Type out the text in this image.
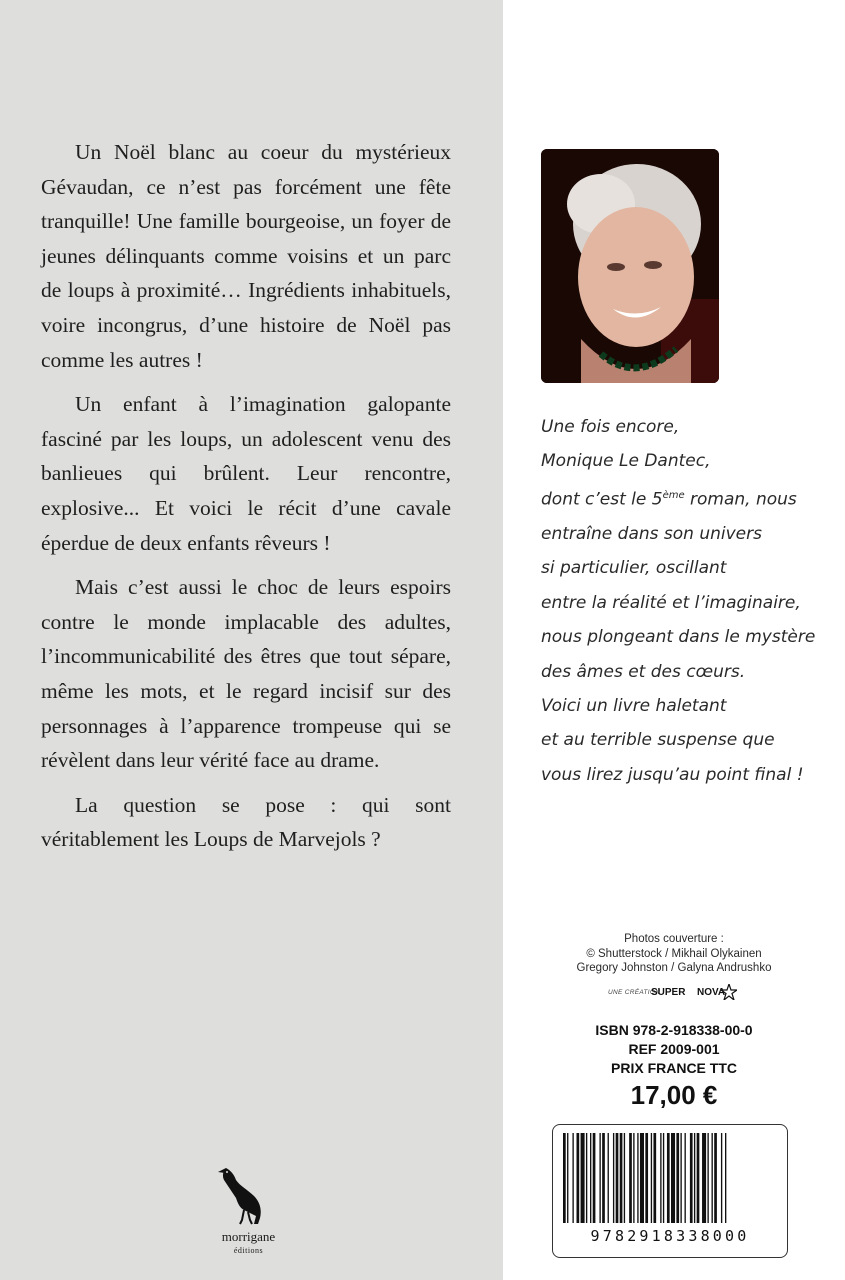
Un Noël blanc au coeur du mystérieux Gévaudan, ce n’est pas forcément une fête tranquille! Une famille bourgeoise, un foyer de jeunes délinquants comme voisins et un parc de loups à proximité… Ingrédients inhabituels, voire incongrus, d’une histoire de Noël pas comme les autres !

Un enfant à l’imagination galopante fasciné par les loups, un adolescent venu des banlieues qui brûlent. Leur rencontre, explosive... Et voici le récit d’une cavale éperdue de deux enfants rêveurs !

Mais c’est aussi le choc de leurs espoirs contre le monde implacable des adultes, l’incommunicabilité des êtres que tout sépare, même les mots, et le regard incisif sur des personnages à l’apparence trompeuse qui se révèlent dans leur vérité face au drame.

La question se pose : qui sont véritablement les Loups de Marvejols ?

morrigane
éditions
Une fois encore,
Monique Le Dantec,
dont c’est le 5ème roman, nous
entraîne dans son univers
si particulier, oscillant
entre la réalité et l’imaginaire,
nous plongeant dans le mystère
des âmes et des cœurs.
Voici un livre haletant
et au terrible suspense que
vous lirez jusqu’au point final !
Photos couverture :
© Shutterstock / Mikhail Olykainen
Gregory Johnston / Galyna Andrushko
UNE CRÉATION
SUPER NOVA
ISBN 978-2-918338-00-0
REF 2009-001
PRIX FRANCE TTC
17,00 €
9782918338000
